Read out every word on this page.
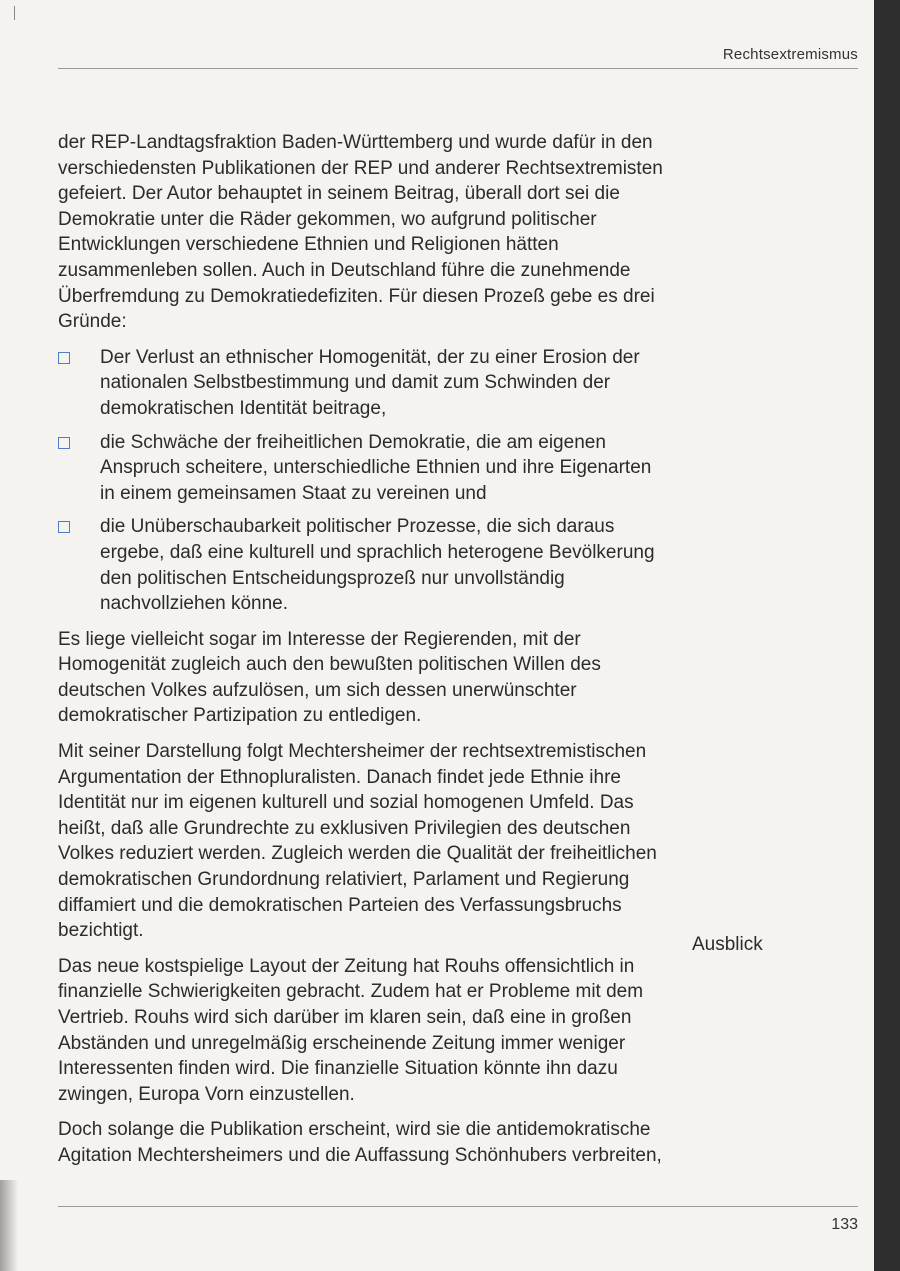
Rechtsextremismus

der REP-Landtagsfraktion Baden-Württemberg und wurde dafür in den verschiedensten Publikationen der REP und anderer Rechtsextremisten gefeiert. Der Autor behauptet in seinem Beitrag, überall dort sei die Demokratie unter die Räder gekommen, wo aufgrund politischer Entwicklungen verschiedene Ethnien und Religionen hätten zusammenleben sollen. Auch in Deutschland führe die zunehmende Überfremdung zu Demokratiedefiziten. Für diesen Prozeß gebe es drei Gründe:

Der Verlust an ethnischer Homogenität, der zu einer Erosion der nationalen Selbstbestimmung und damit zum Schwinden der demokratischen Identität beitrage,
die Schwäche der freiheitlichen Demokratie, die am eigenen Anspruch scheitere, unterschiedliche Ethnien und ihre Eigenarten in einem gemeinsamen Staat zu vereinen und
die Unüberschaubarkeit politischer Prozesse, die sich daraus ergebe, daß eine kulturell und sprachlich heterogene Bevölkerung den politischen Entscheidungsprozeß nur unvollständig nachvollziehen könne.

Es liege vielleicht sogar im Interesse der Regierenden, mit der Homogenität zugleich auch den bewußten politischen Willen des deutschen Volkes aufzulösen, um sich dessen unerwünschter demokratischer Partizipation zu entledigen.

Mit seiner Darstellung folgt Mechtersheimer der rechtsextremistischen Argumentation der Ethnopluralisten. Danach findet jede Ethnie ihre Identität nur im eigenen kulturell und sozial homogenen Umfeld. Das heißt, daß alle Grundrechte zu exklusiven Privilegien des deutschen Volkes reduziert werden. Zugleich werden die Qualität der freiheitlichen demokratischen Grundordnung relativiert, Parlament und Regierung diffamiert und die demokratischen Parteien des Verfassungsbruchs bezichtigt.

Das neue kostspielige Layout der Zeitung hat Rouhs offensichtlich in finanzielle Schwierigkeiten gebracht. Zudem hat er Probleme mit dem Vertrieb. Rouhs wird sich darüber im klaren sein, daß eine in großen Abständen und unregelmäßig erscheinende Zeitung immer weniger Interessenten finden wird. Die finanzielle Situation könnte ihn dazu zwingen, Europa Vorn einzustellen.

Doch solange die Publikation erscheint, wird sie die antidemokratische Agitation Mechtersheimers und die Auffassung Schönhubers verbreiten,

Ausblick
133
